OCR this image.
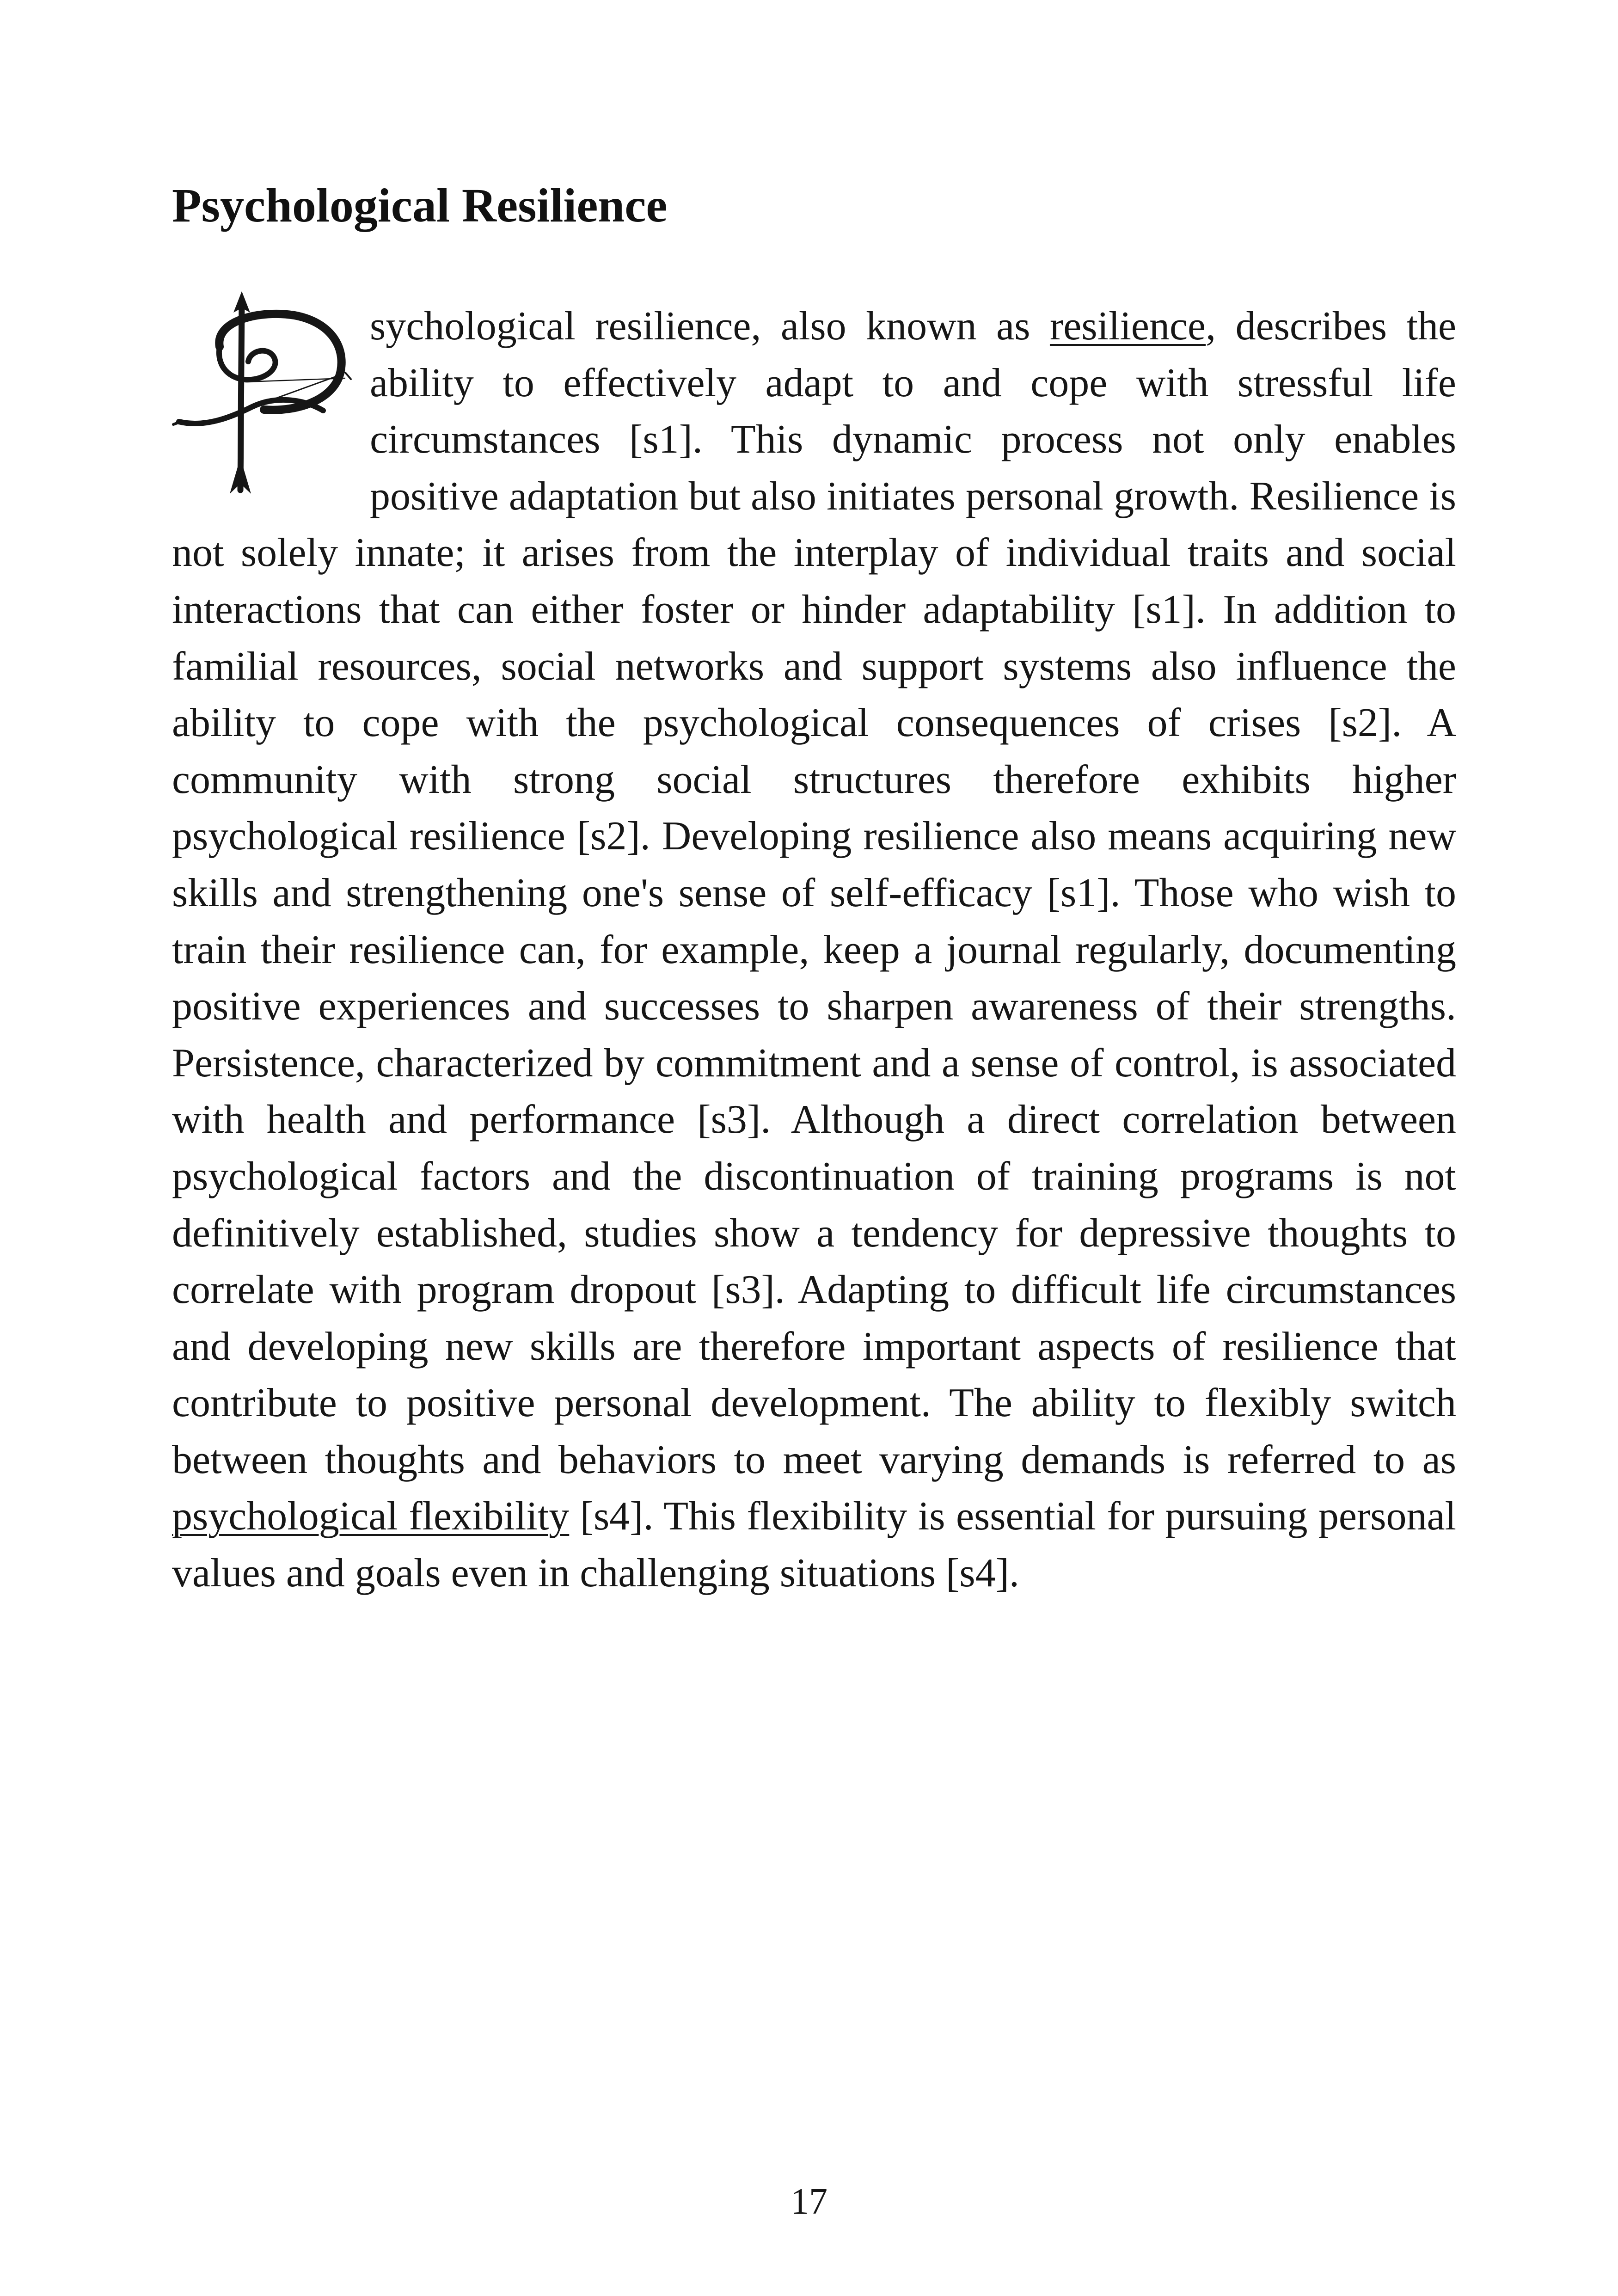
Psychological Resilience

sychological resilience, also known as resilience, describes the ability to effectively adapt to and cope with stressful life circumstances [s1]. This dynamic process not only enables positive adaptation but also initiates personal growth. Resilience is not solely innate; it arises from the interplay of individual traits and social interactions that can either foster or hinder adaptability [s1]. In addition to familial resources, social networks and support systems also influence the ability to cope with the psychological consequences of crises [s2]. A community with strong social structures therefore exhibits higher psychological resilience [s2]. Developing resilience also means acquiring new skills and strengthening one's sense of self-efficacy [s1]. Those who wish to train their resilience can, for example, keep a journal regularly, documenting positive experiences and successes to sharpen awareness of their strengths. Persistence, characterized by commitment and a sense of control, is associated with health and performance [s3]. Although a direct correlation between psychological factors and the discontinuation of training programs is not definitively established, studies show a tendency for depressive thoughts to correlate with program dropout [s3]. Adapting to difficult life circumstances and developing new skills are therefore important aspects of resilience that contribute to positive personal development. The ability to flexibly switch between thoughts and behaviors to meet varying demands is referred to as psychological flexibility [s4]. This flexibility is essential for pursuing personal values and goals even in challenging situations [s4].

17
